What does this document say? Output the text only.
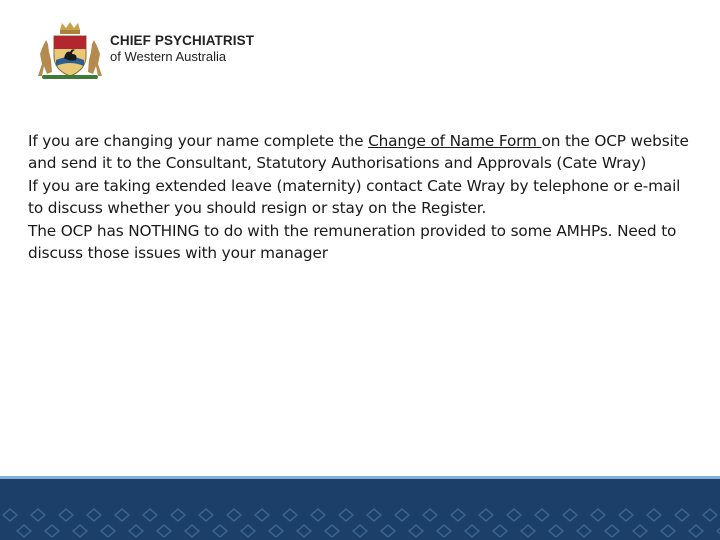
CHIEF PSYCHIATRIST
of Western Australia

If you are changing your name complete the Change of Name Form on the OCP website and send it to the Consultant, Statutory Authorisations and Approvals (Cate Wray)

If you are taking extended leave (maternity) contact Cate Wray by telephone or e-mail to discuss whether you should resign or stay on the Register.

The OCP has NOTHING to do with the remuneration provided to some AMHPs. Need to discuss those issues with your manager
